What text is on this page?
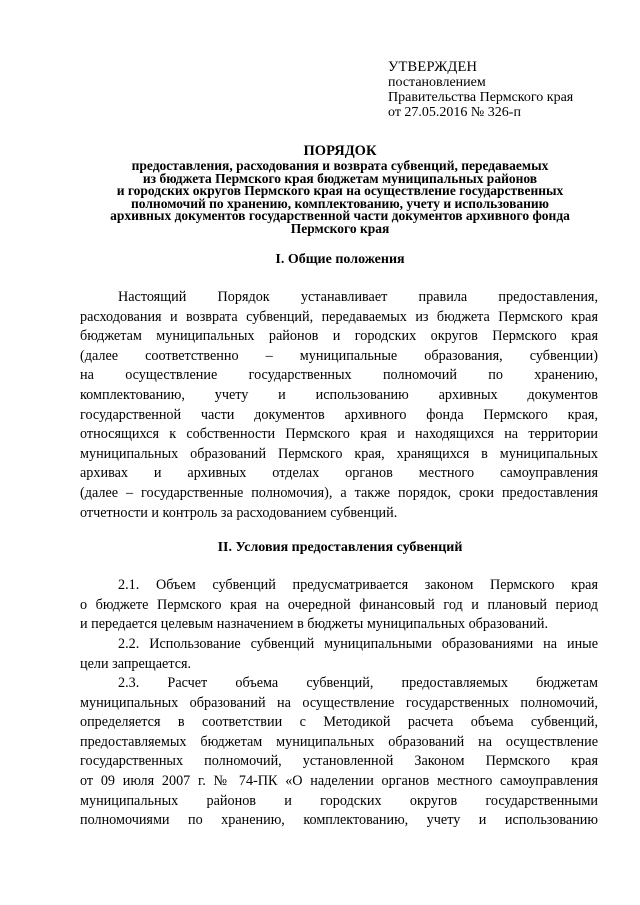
УТВЕРЖДЕН
постановлением
Правительства Пермского края
от 27.05.2016 № 326-п
ПОРЯДОК
предоставления, расходования и возврата субвенций, передаваемых
из бюджета Пермского края бюджетам муниципальных районов
и городских округов Пермского края на осуществление государственных
полномочий по хранению, комплектованию, учету и использованию
архивных документов государственной части документов архивного фонда
Пермского края
I. Общие положения
Настоящий Порядок устанавливает правила предоставления,
расходования и возврата субвенций, передаваемых из бюджета Пермского края
бюджетам муниципальных районов и городских округов Пермского края
(далее соответственно – муниципальные образования, субвенции)
на осуществление государственных полномочий по хранению,
комплектованию, учету и использованию архивных документов
государственной части документов архивного фонда Пермского края,
относящихся к собственности Пермского края и находящихся на территории
муниципальных образований Пермского края, хранящихся в муниципальных
архивах и архивных отделах органов местного самоуправления
(далее – государственные полномочия), а также порядок, сроки предоставления
отчетности и контроль за расходованием субвенций.
II. Условия предоставления субвенций
2.1. Объем субвенций предусматривается законом Пермского края
о бюджете Пермского края на очередной финансовый год и плановый период
и передается целевым назначением в бюджеты муниципальных образований.
2.2. Использование субвенций муниципальными образованиями на иные
цели запрещается.
2.3. Расчет объема субвенций, предоставляемых бюджетам
муниципальных образований на осуществление государственных полномочий,
определяется в соответствии с Методикой расчета объема субвенций,
предоставляемых бюджетам муниципальных образований на осуществление
государственных полномочий, установленной Законом Пермского края
от 09 июля 2007 г. № 74-ПК «О наделении органов местного самоуправления
муниципальных районов и городских округов государственными
полномочиями по хранению, комплектованию, учету и использованию
